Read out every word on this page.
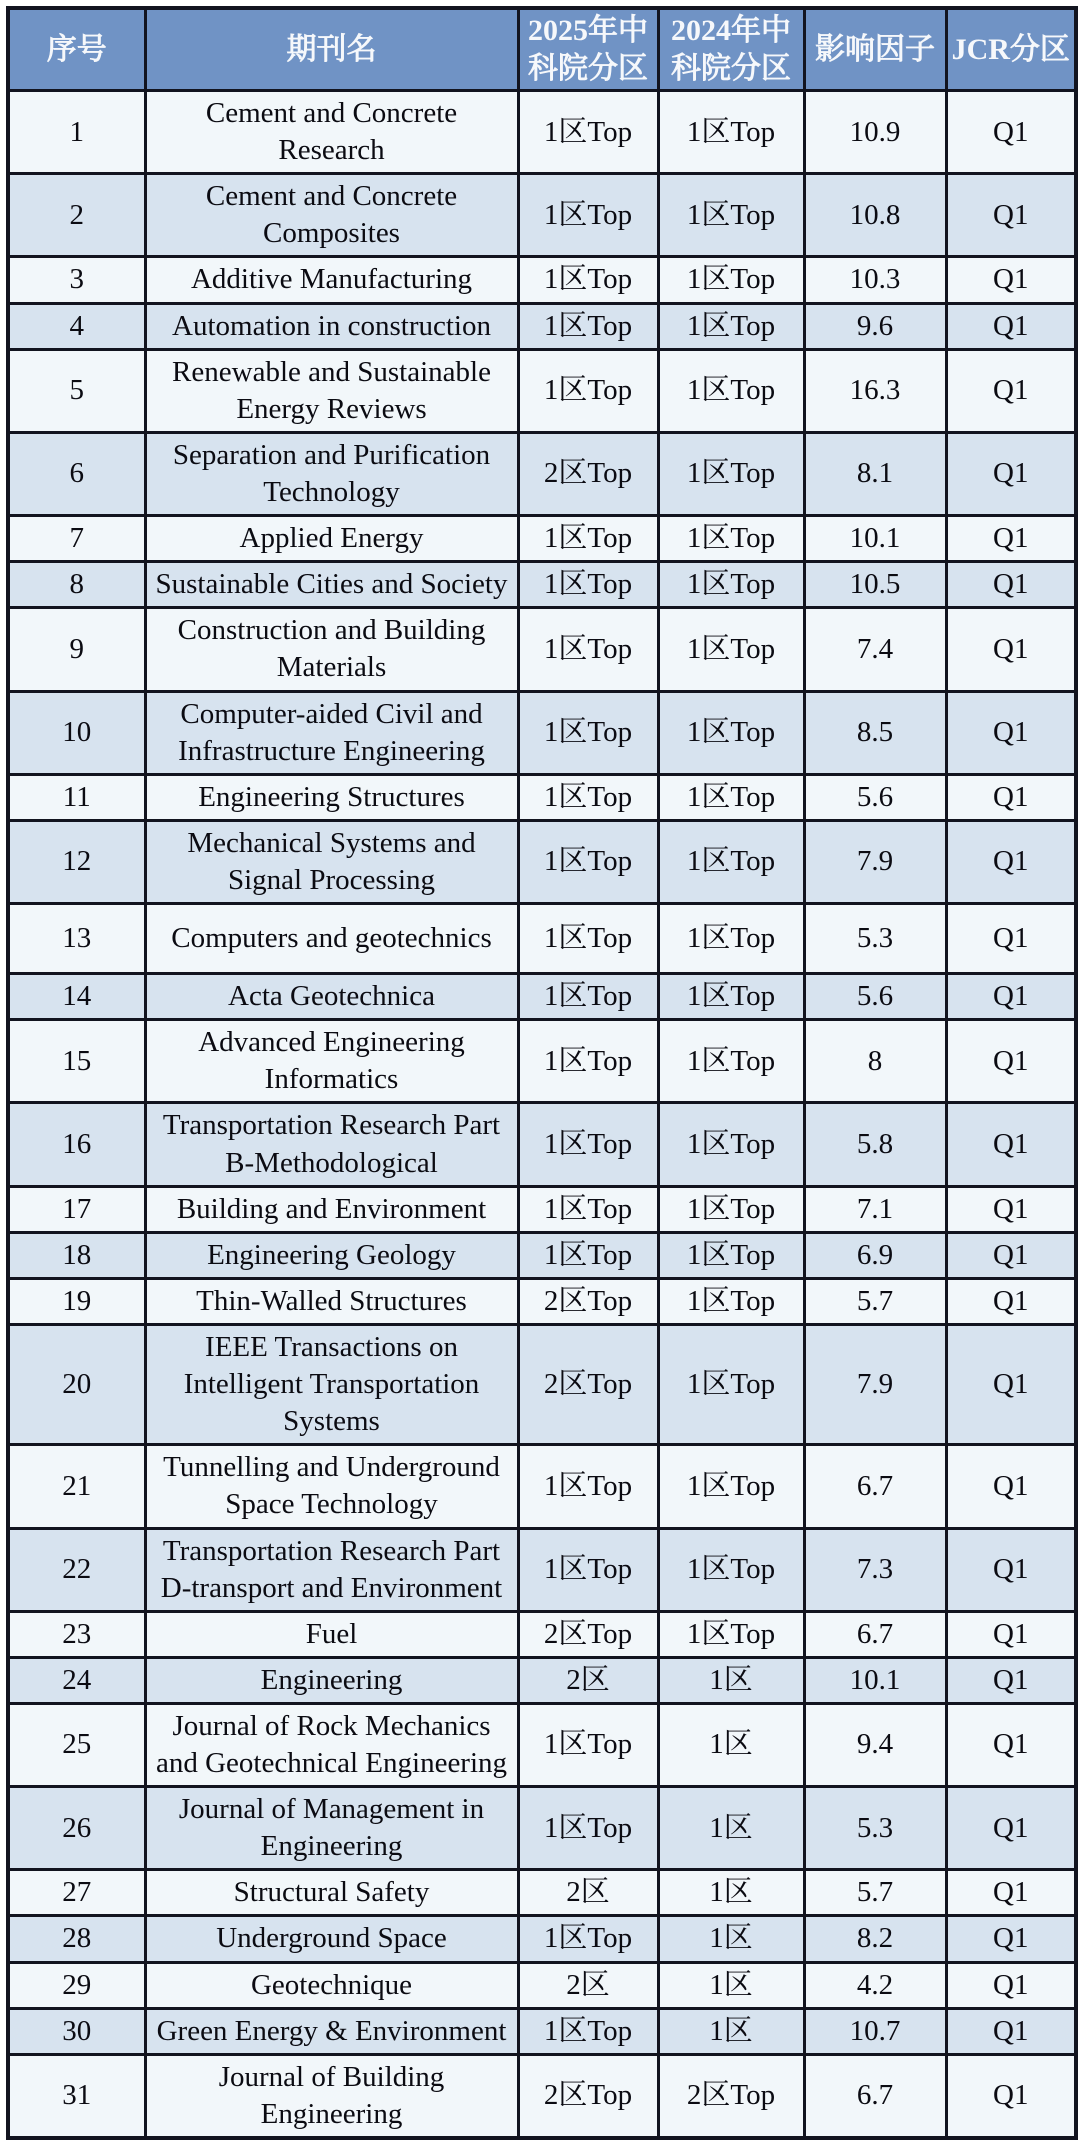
序号	期刊名	2025年中科院分区	2024年中科院分区	影响因子	JCR分区
1	Cement and Concrete Research	1区Top	1区Top	10.9	Q1
2	Cement and Concrete Composites	1区Top	1区Top	10.8	Q1
3	Additive Manufacturing	1区Top	1区Top	10.3	Q1
4	Automation in construction	1区Top	1区Top	9.6	Q1
5	Renewable and Sustainable Energy Reviews	1区Top	1区Top	16.3	Q1
6	Separation and Purification Technology	2区Top	1区Top	8.1	Q1
7	Applied Energy	1区Top	1区Top	10.1	Q1
8	Sustainable Cities and Society	1区Top	1区Top	10.5	Q1
9	Construction and Building Materials	1区Top	1区Top	7.4	Q1
10	Computer-aided Civil and Infrastructure Engineering	1区Top	1区Top	8.5	Q1
11	Engineering Structures	1区Top	1区Top	5.6	Q1
12	Mechanical Systems and Signal Processing	1区Top	1区Top	7.9	Q1
13	Computers and geotechnics	1区Top	1区Top	5.3	Q1
14	Acta Geotechnica	1区Top	1区Top	5.6	Q1
15	Advanced Engineering Informatics	1区Top	1区Top	8	Q1
16	Transportation Research Part B-Methodological	1区Top	1区Top	5.8	Q1
17	Building and Environment	1区Top	1区Top	7.1	Q1
18	Engineering Geology	1区Top	1区Top	6.9	Q1
19	Thin-Walled Structures	2区Top	1区Top	5.7	Q1
20	IEEE Transactions on Intelligent Transportation Systems	2区Top	1区Top	7.9	Q1
21	Tunnelling and Underground Space Technology	1区Top	1区Top	6.7	Q1
22	Transportation Research Part D-transport and Environment	1区Top	1区Top	7.3	Q1
23	Fuel	2区Top	1区Top	6.7	Q1
24	Engineering	2区	1区	10.1	Q1
25	Journal of Rock Mechanics and Geotechnical Engineering	1区Top	1区	9.4	Q1
26	Journal of Management in Engineering	1区Top	1区	5.3	Q1
27	Structural Safety	2区	1区	5.7	Q1
28	Underground Space	1区Top	1区	8.2	Q1
29	Geotechnique	2区	1区	4.2	Q1
30	Green Energy & Environment	1区Top	1区	10.7	Q1
31	Journal of Building Engineering	2区Top	2区Top	6.7	Q1
